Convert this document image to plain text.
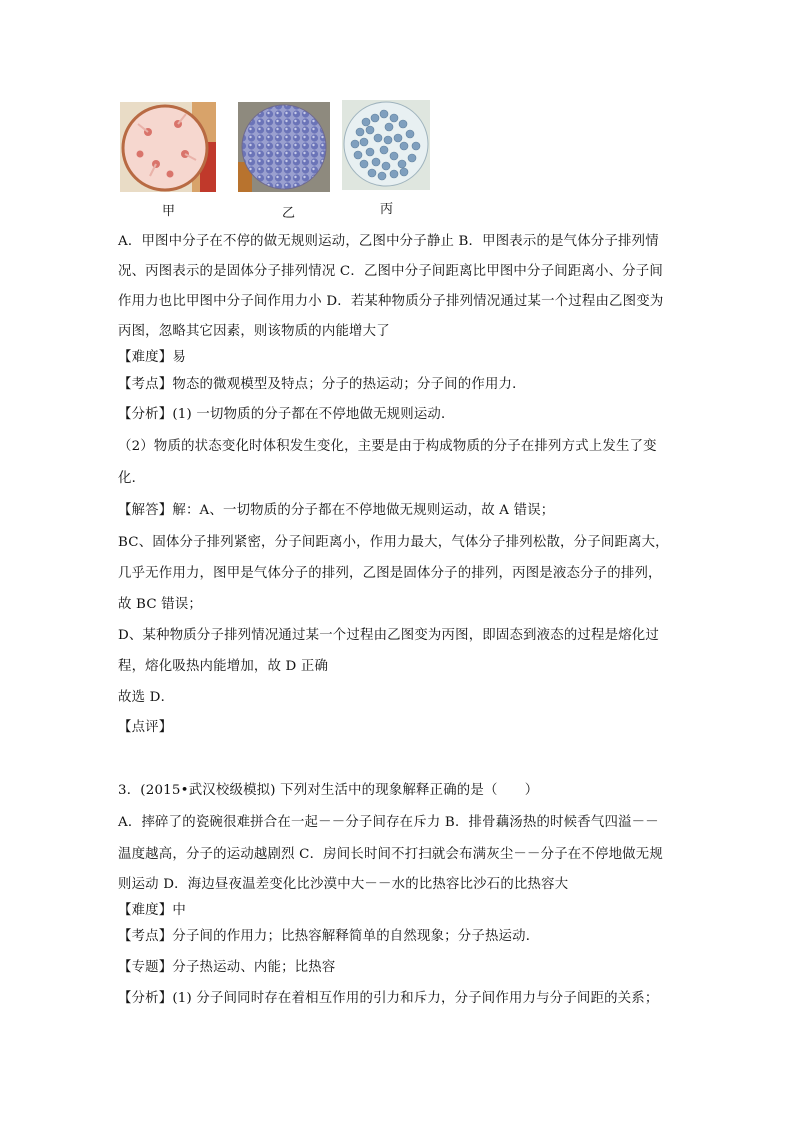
甲	乙	丙
A．甲图中分子在不停的做无规则运动，乙图中分子静止 B．甲图表示的是气体分子排列情
况、丙图表示的是固体分子排列情况 C．乙图中分子间距离比甲图中分子间距离小、分子间
作用力也比甲图中分子间作用力小 D．若某种物质分子排列情况通过某一个过程由乙图变为
丙图，忽略其它因素，则该物质的内能增大了
【难度】易
【考点】物态的微观模型及特点；分子的热运动；分子间的作用力．
【分析】(1) 一切物质的分子都在不停地做无规则运动．
（2）物质的状态变化时体积发生变化，主要是由于构成物质的分子在排列方式上发生了变
化．
【解答】解：A、一切物质的分子都在不停地做无规则运动，故 A 错误；
BC、固体分子排列紧密，分子间距离小，作用力最大，气体分子排列松散，分子间距离大，
几乎无作用力，图甲是气体分子的排列，乙图是固体分子的排列，丙图是液态分子的排列，
故 BC 错误；
D、某种物质分子排列情况通过某一个过程由乙图变为丙图，即固态到液态的过程是熔化过
程，熔化吸热内能增加，故 D 正确
故选 D．
【点评】
3．(2015•武汉校级模拟) 下列对生活中的现象解释正确的是（　　）
A．摔碎了的瓷碗很难拼合在一起－－分子间存在斥力 B．排骨藕汤热的时候香气四溢－－
温度越高，分子的运动越剧烈 C．房间长时间不打扫就会布满灰尘－－分子在不停地做无规
则运动 D．海边昼夜温差变化比沙漠中大－－水的比热容比沙石的比热容大
【难度】中
【考点】分子间的作用力；比热容解释简单的自然现象；分子热运动．
【专题】分子热运动、内能；比热容
【分析】(1) 分子间同时存在着相互作用的引力和斥力，分子间作用力与分子间距的关系；
